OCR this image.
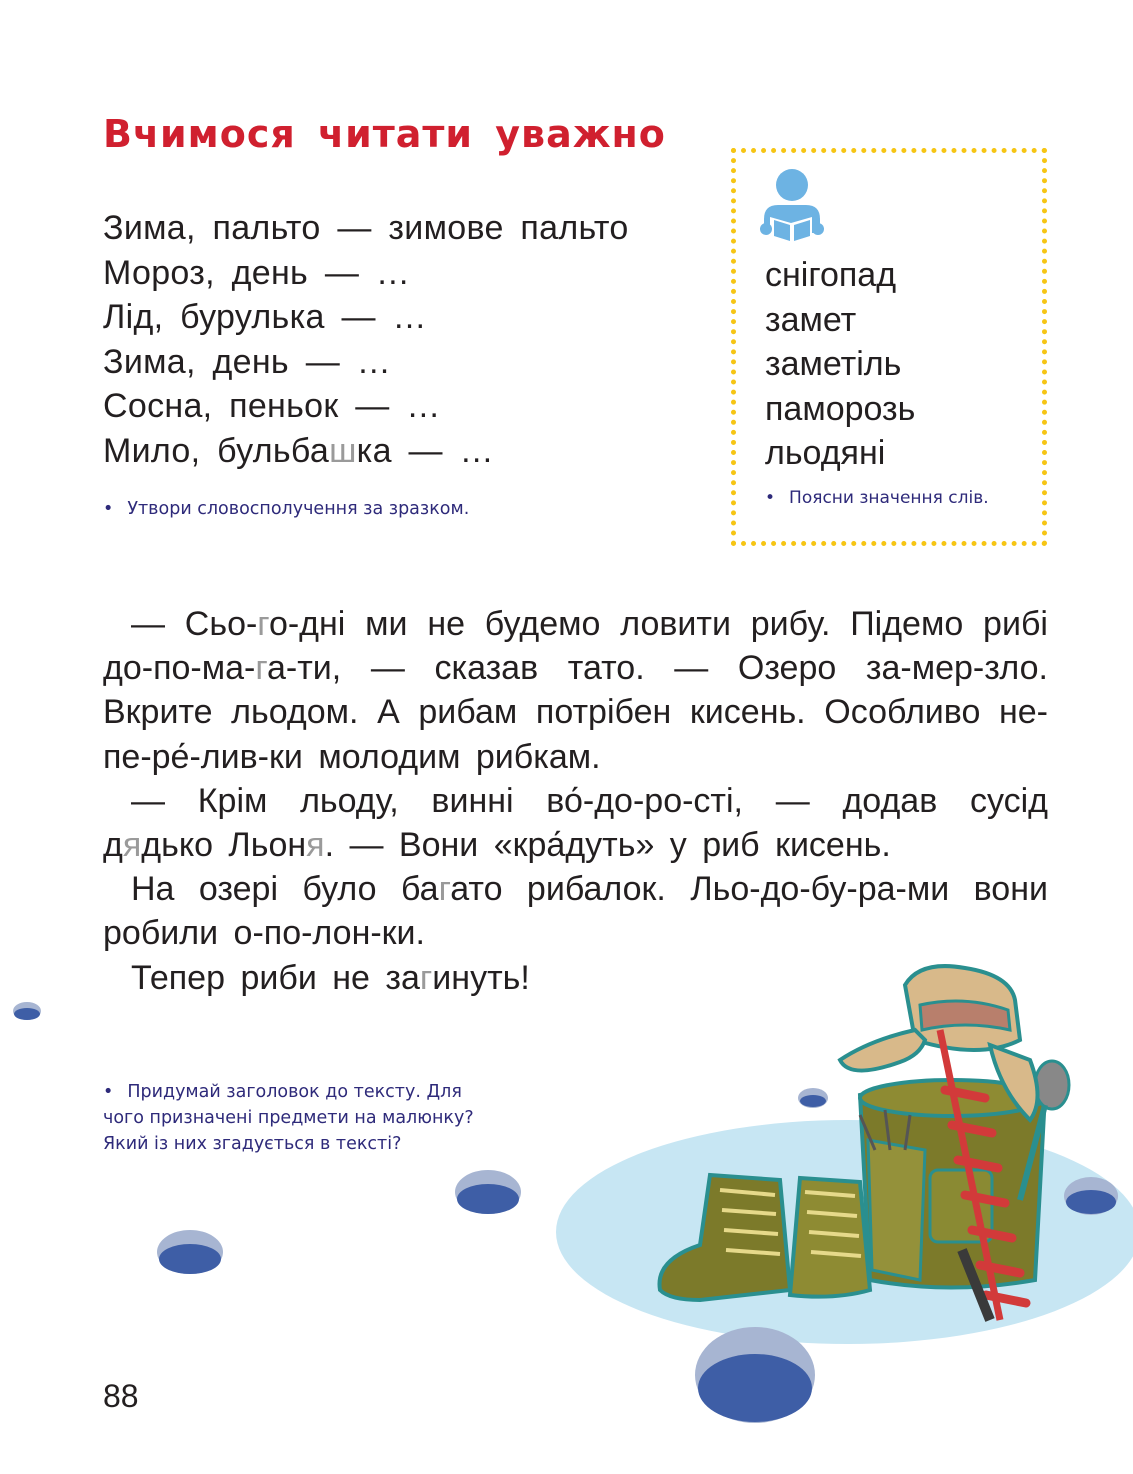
Вчимося читати уважно
Зима, пальто — зимове пальто
Мороз, день — …
Лід, бурулька — …
Зима, день — …
Сосна, пеньок — …
Мило, бульбашка — …
• Утвори словосполучення за зразком.
снігопад
замет
заметіль
паморозь
льодяні
• Поясни значення слів.

— Сьо-го-дні ми не будемо ловити рибу. Підемо рибі до-по-ма-га-ти, — сказав тато. — Озеро за-мер-зло. Вкрите льодом. А рибам потрібен кисень. Особливо не-пе-ре́-лив-ки молодим рибкам.

— Крім льоду, винні во́-до-ро-сті, — додав сусід дядько Льоня. — Вони «кра́дуть» у риб кисень.

На озері було багато рибалок. Льо-до-бу-ра-ми вони робили о-по-лон-ки.

Тепер риби не загинуть!

• Придумай заголовок до тексту. Для чого призначені предмети на малюнку? Який із них згадується в тексті?
88
